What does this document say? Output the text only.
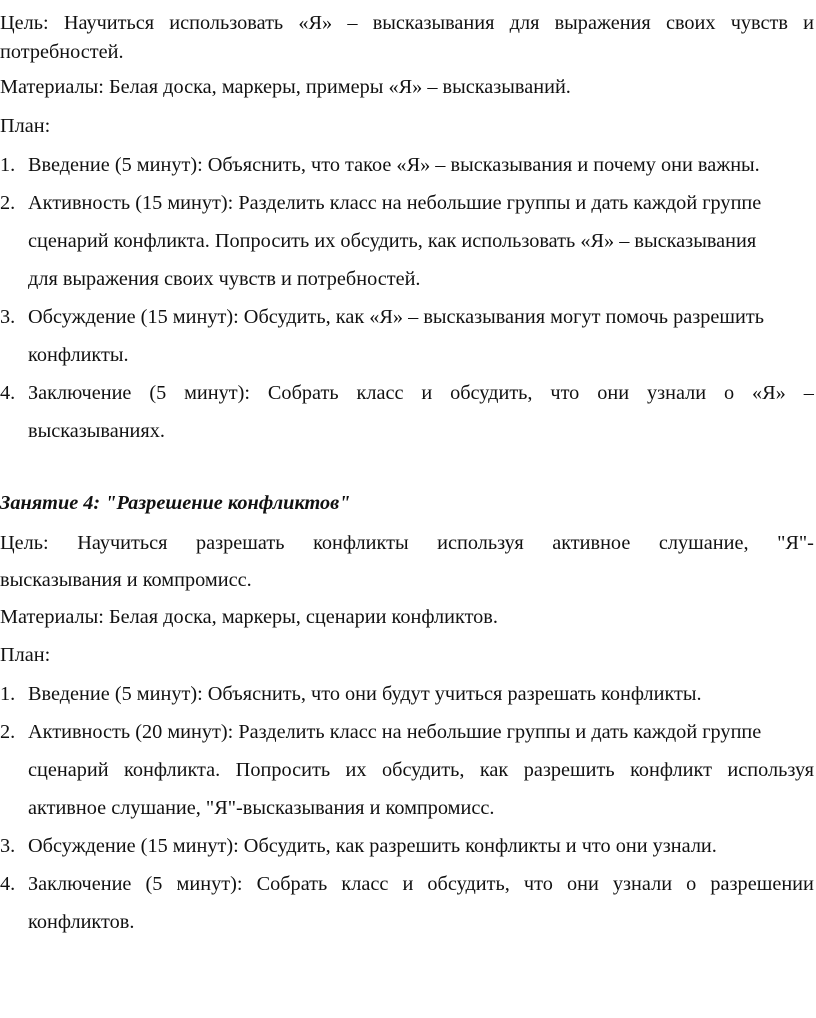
Цель: Научиться использовать «Я» – высказывания для выражения своих чувств и
потребностей.
Материалы: Белая доска, маркеры, примеры «Я» – высказываний.
План:
1. Введение (5 минут): Объяснить, что такое «Я» – высказывания и почему они важны.
2. Активность (15 минут): Разделить класс на небольшие группы и дать каждой группе
сценарий конфликта. Попросить их обсудить, как использовать «Я» – высказывания
для выражения своих чувств и потребностей.
3. Обсуждение (15 минут): Обсудить, как «Я» – высказывания могут помочь разрешить
конфликты.
4. Заключение (5 минут): Собрать класс и обсудить, что они узнали о «Я» –
высказываниях.
Занятие 4: "Разрешение конфликтов"
Цель: Научиться разрешать конфликты используя активное слушание, "Я"-
высказывания и компромисс.
Материалы: Белая доска, маркеры, сценарии конфликтов.
План:
1. Введение (5 минут): Объяснить, что они будут учиться разрешать конфликты.
2. Активность (20 минут): Разделить класс на небольшие группы и дать каждой группе
сценарий конфликта. Попросить их обсудить, как разрешить конфликт используя
активное слушание, "Я"-высказывания и компромисс.
3. Обсуждение (15 минут): Обсудить, как разрешить конфликты и что они узнали.
4. Заключение (5 минут): Собрать класс и обсудить, что они узнали о разрешении
конфликтов.
